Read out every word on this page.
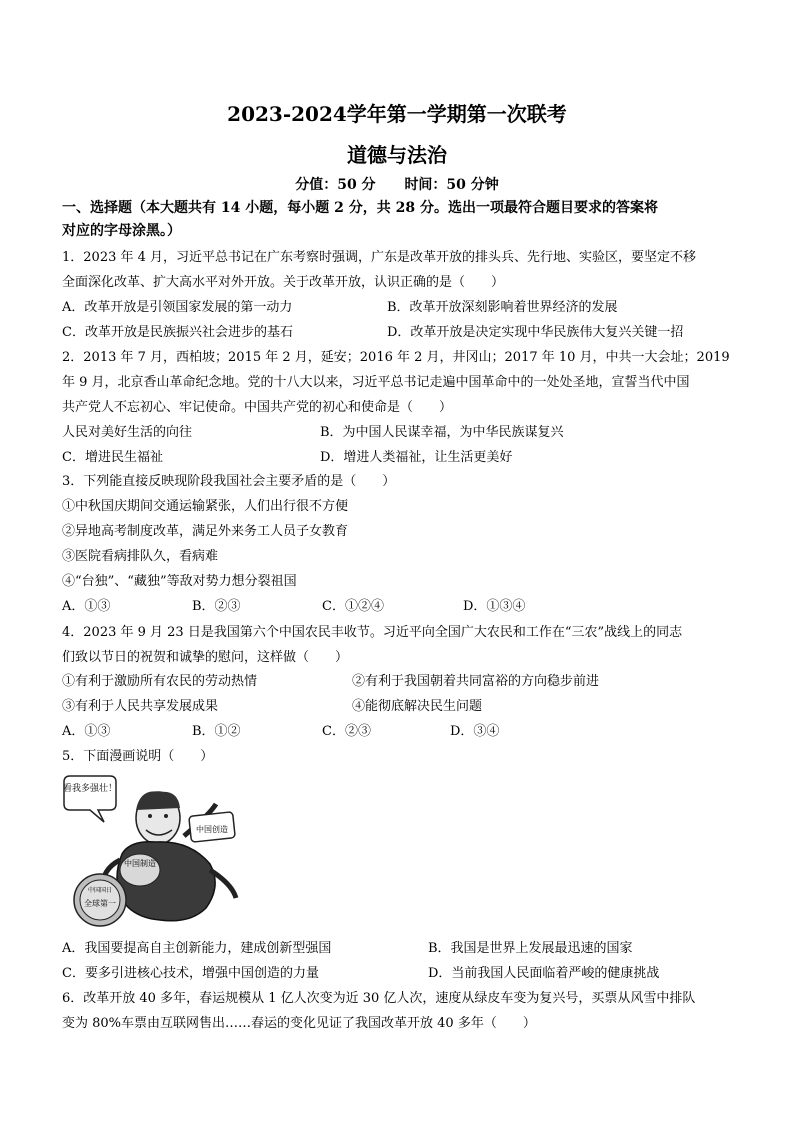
2023-2024学年第一学期第一次联考
道德与法治
分值：50 分 时间：50 分钟
一、选择题（本大题共有 14 小题，每小题 2 分，共 28 分。选出一项最符合题目要求的答案将
对应的字母涂黑。）
1．2023 年 4 月，习近平总书记在广东考察时强调，广东是改革开放的排头兵、先行地、实验区，要坚定不移
全面深化改革、扩大高水平对外开放。关于改革开放，认识正确的是（　　）
A．改革开放是引领国家发展的第一动力	B．改革开放深刻影响着世界经济的发展
C．改革开放是民族振兴社会进步的基石	D．改革开放是决定实现中华民族伟大复兴关键一招
2．2013 年 7 月，西柏坡；2015 年 2 月，延安；2016 年 2 月，井冈山；2017 年 10 月，中共一大会址；2019
年 9 月，北京香山革命纪念地。党的十八大以来，习近平总书记走遍中国革命中的一处处圣地，宣誓当代中国
共产党人不忘初心、牢记使命。中国共产党的初心和使命是（　　）
人民对美好生活的向往	B．为中国人民谋幸福，为中华民族谋复兴
C．增进民生福祉	D．增进人类福祉，让生活更美好
3．下列能直接反映现阶段我国社会主要矛盾的是（　　）
①中秋国庆期间交通运输紧张，人们出行很不方便
②异地高考制度改革，满足外来务工人员子女教育
③医院看病排队久，看病难
④“台独”、“藏独”等敌对势力想分裂祖国
A．①③	B．②③	C．①②④	D．①③④
4．2023 年 9 月 23 日是我国第六个中国农民丰收节。习近平向全国广大农民和工作在“三农”战线上的同志
们致以节日的祝贺和诚挚的慰问，这样做（　　）
①有利于激励所有农民的劳动热情	②有利于我国朝着共同富裕的方向稳步前进
③有利于人民共享发展成果	④能彻底解决民生问题
A．①③	B．①②	C．②③	D．③④
5．下面漫画说明（　　）
看我多强壮！
中国创造
中国制造
中国国日
全球第一
A．我国要提高自主创新能力，建成创新型强国	B．我国是世界上发展最迅速的国家
C．要多引进核心技术，增强中国创造的力量	D．当前我国人民面临着严峻的健康挑战
6．改革开放 40 多年，春运规模从 1 亿人次变为近 30 亿人次，速度从绿皮车变为复兴号，买票从风雪中排队
变为 80%车票由互联网售出……春运的变化见证了我国改革开放 40 多年（　　）
